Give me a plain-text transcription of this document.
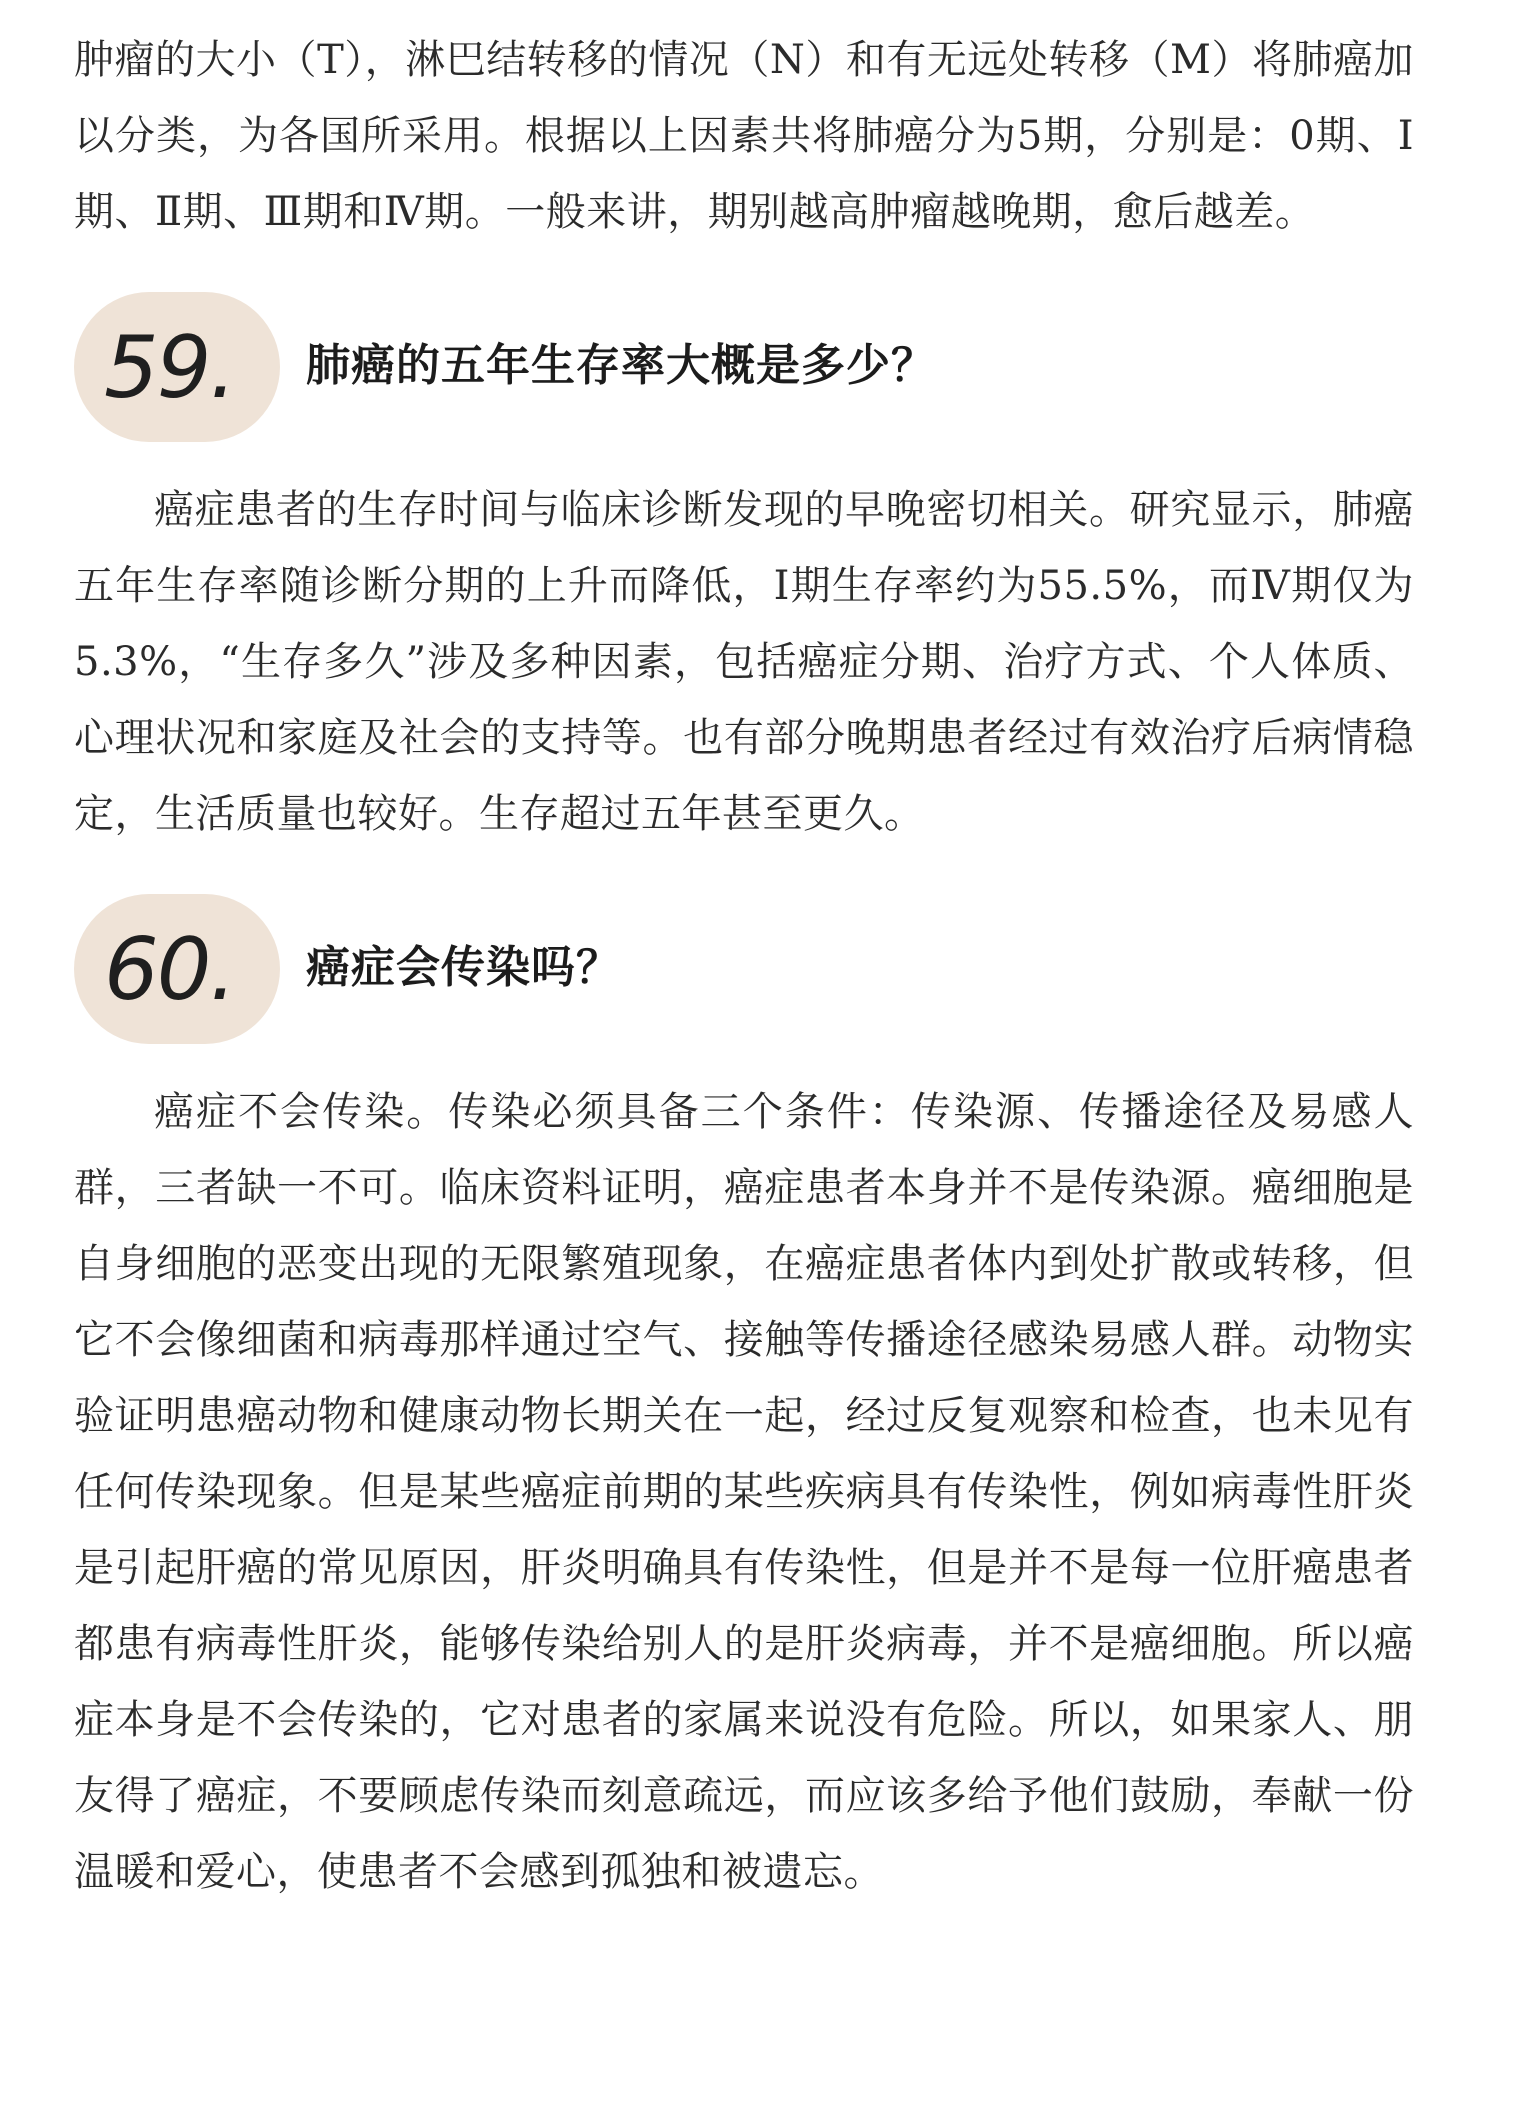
肿瘤的大小（T），淋巴结转移的情况（N）和有无远处转移（M）将肺癌加以分类，为各国所采用。根据以上因素共将肺癌分为5期，分别是：0期、Ⅰ期、Ⅱ期、Ⅲ期和Ⅳ期。一般来讲，期别越高肿瘤越晚期，愈后越差。

59. 肺癌的五年生存率大概是多少？

癌症患者的生存时间与临床诊断发现的早晚密切相关。研究显示，肺癌五年生存率随诊断分期的上升而降低，Ⅰ期生存率约为55.5%，而Ⅳ期仅为5.3%，“生存多久”涉及多种因素，包括癌症分期、治疗方式、个人体质、心理状况和家庭及社会的支持等。也有部分晚期患者经过有效治疗后病情稳定，生活质量也较好。生存超过五年甚至更久。

60. 癌症会传染吗？

癌症不会传染。传染必须具备三个条件：传染源、传播途径及易感人群，三者缺一不可。临床资料证明，癌症患者本身并不是传染源。癌细胞是自身细胞的恶变出现的无限繁殖现象，在癌症患者体内到处扩散或转移，但它不会像细菌和病毒那样通过空气、接触等传播途径感染易感人群。动物实验证明患癌动物和健康动物长期关在一起，经过反复观察和检查，也未见有任何传染现象。但是某些癌症前期的某些疾病具有传染性，例如病毒性肝炎是引起肝癌的常见原因，肝炎明确具有传染性，但是并不是每一位肝癌患者都患有病毒性肝炎，能够传染给别人的是肝炎病毒，并不是癌细胞。所以癌症本身是不会传染的，它对患者的家属来说没有危险。所以，如果家人、朋友得了癌症，不要顾虑传染而刻意疏远，而应该多给予他们鼓励，奉献一份温暖和爱心，使患者不会感到孤独和被遗忘。
